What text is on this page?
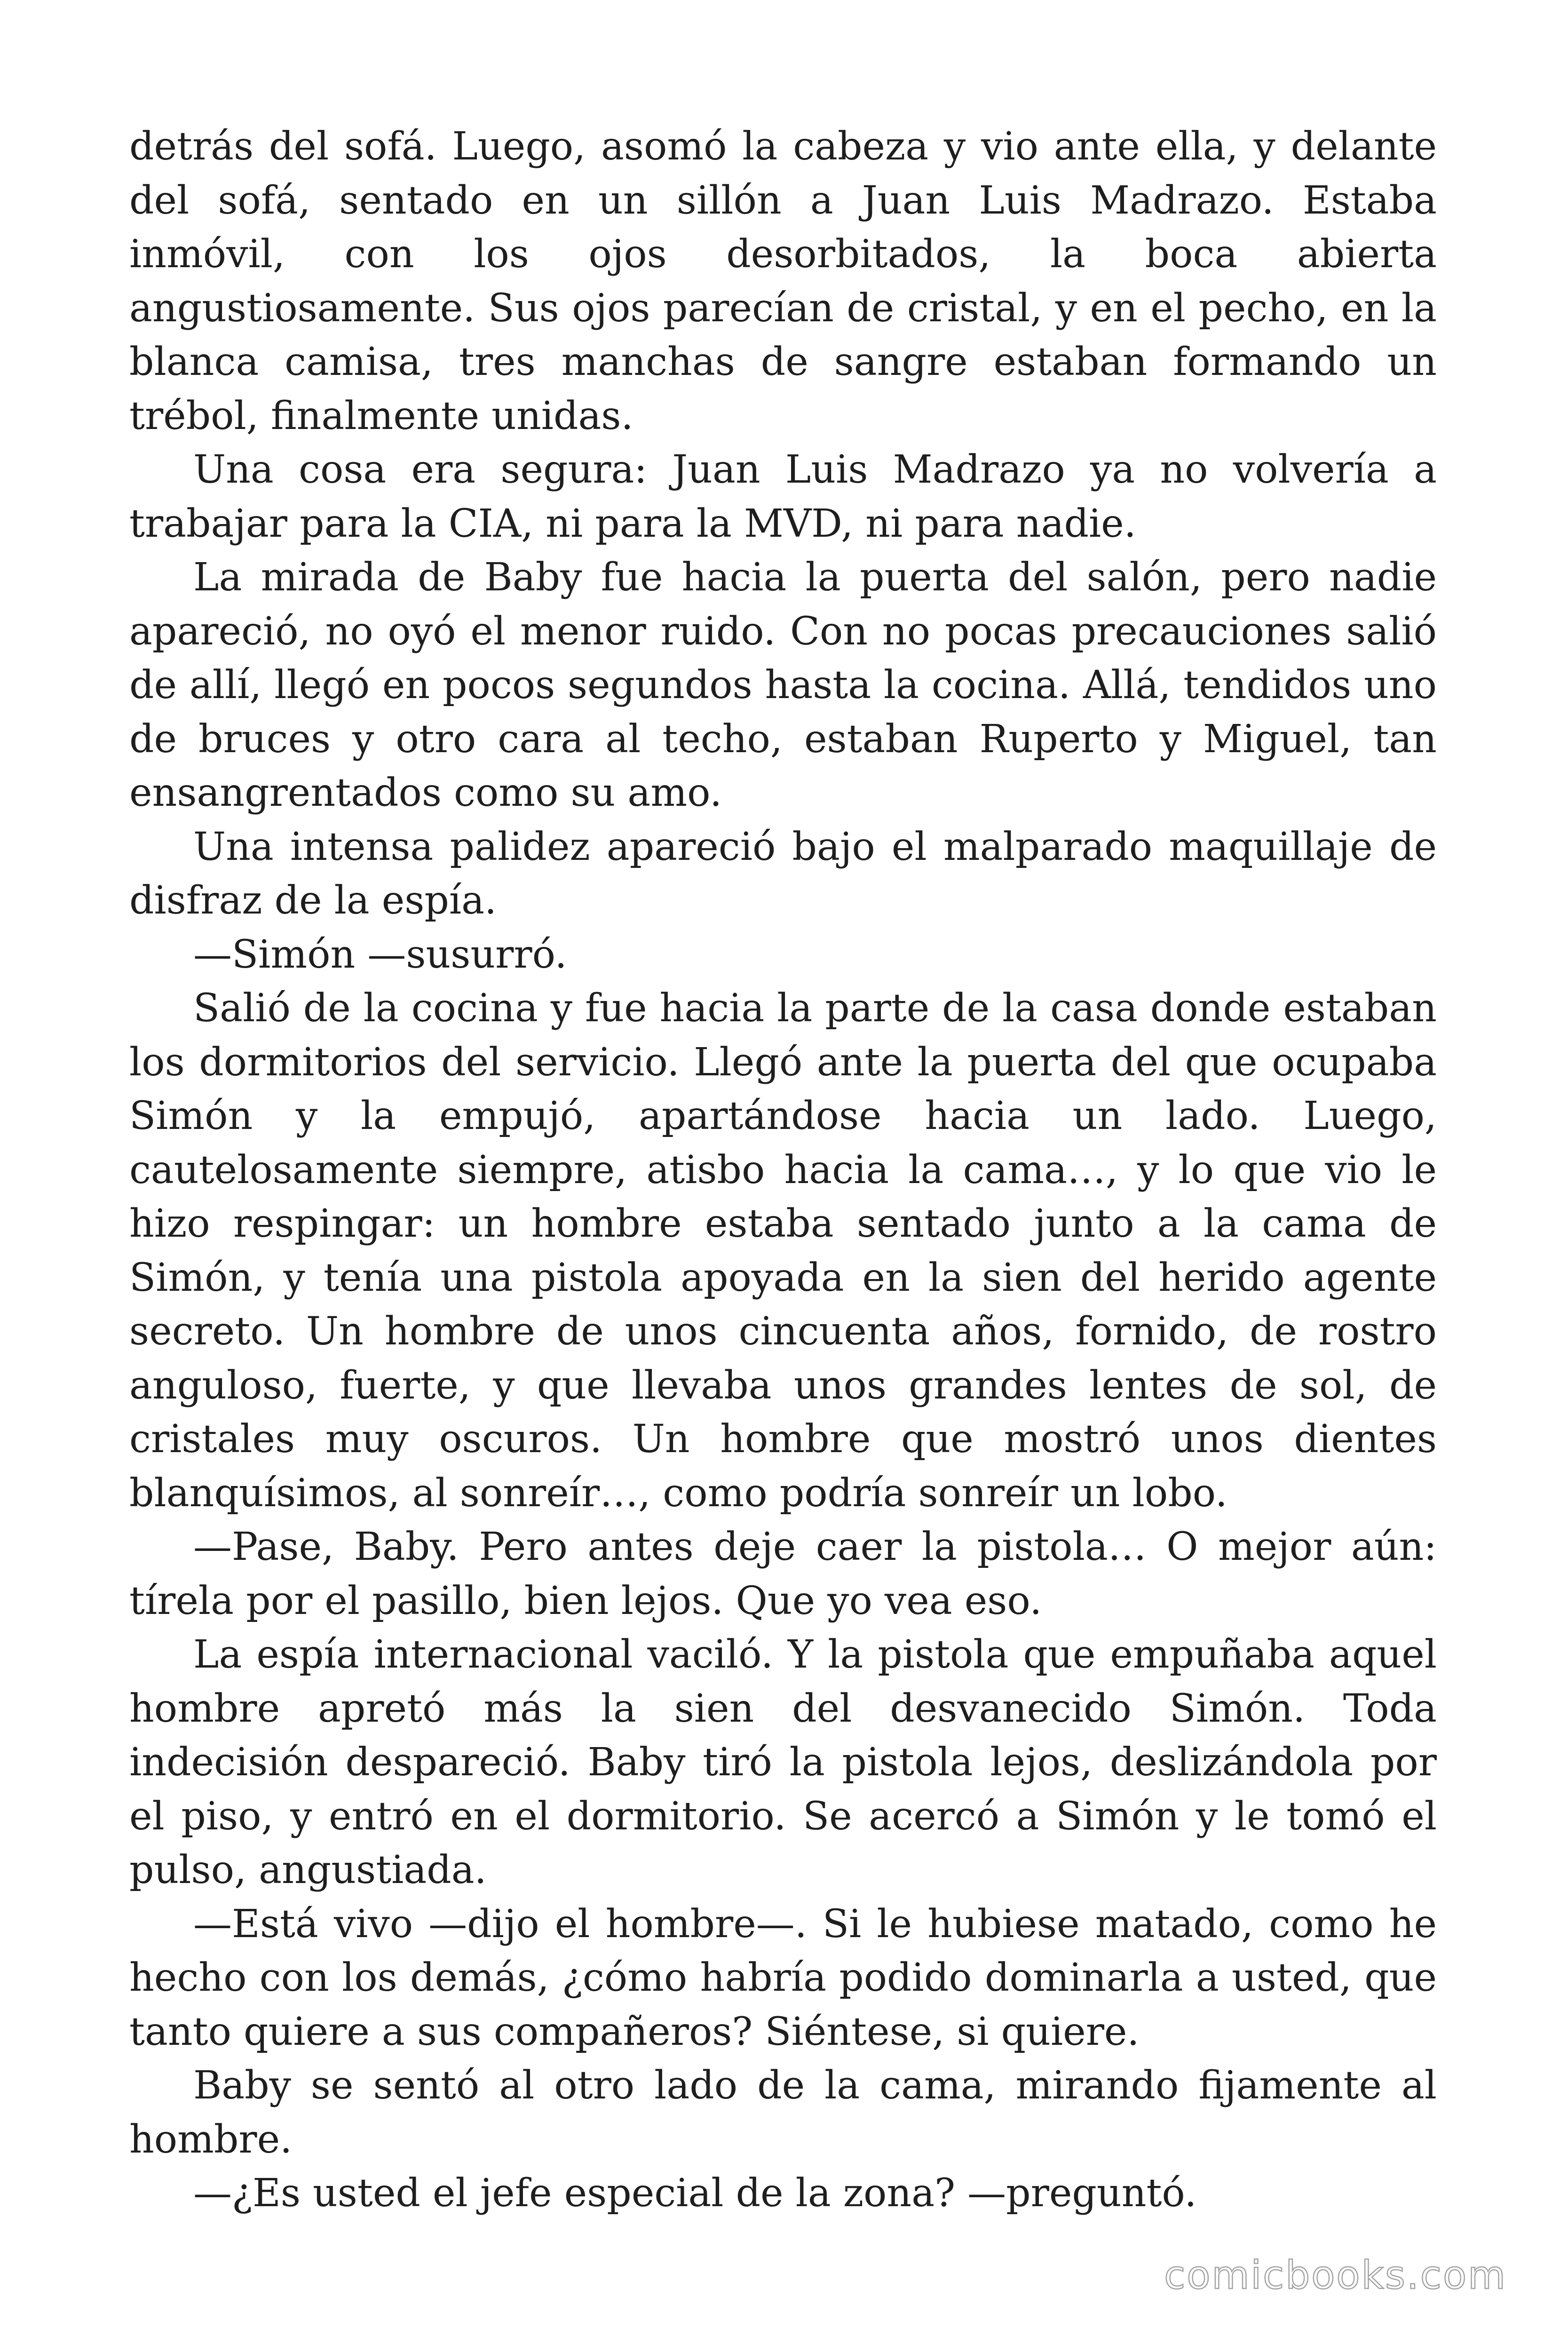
detrás del sofá. Luego, asomó la cabeza y vio ante ella, y delante del sofá, sentado en un sillón a Juan Luis Madrazo. Estaba inmóvil, con los ojos desorbitados, la boca abierta angustiosamente. Sus ojos parecían de cristal, y en el pecho, en la blanca camisa, tres manchas de sangre estaban formando un trébol, finalmente unidas.

Una cosa era segura: Juan Luis Madrazo ya no volvería a trabajar para la CIA, ni para la MVD, ni para nadie.

La mirada de Baby fue hacia la puerta del salón, pero nadie apareció, no oyó el menor ruido. Con no pocas precauciones salió de allí, llegó en pocos segundos hasta la cocina. Allá, tendidos uno de bruces y otro cara al techo, estaban Ruperto y Miguel, tan ensangrentados como su amo.

Una intensa palidez apareció bajo el malparado maquillaje de disfraz de la espía.

—Simón —susurró.

Salió de la cocina y fue hacia la parte de la casa donde estaban los dormitorios del servicio. Llegó ante la puerta del que ocupaba Simón y la empujó, apartándose hacia un lado. Luego, cautelosamente siempre, atisbo hacia la cama…, y lo que vio le hizo respingar: un hombre estaba sentado junto a la cama de Simón, y tenía una pistola apoyada en la sien del herido agente secreto. Un hombre de unos cincuenta años, fornido, de rostro anguloso, fuerte, y que llevaba unos grandes lentes de sol, de cristales muy oscuros. Un hombre que mostró unos dientes blanquísimos, al sonreír…, como podría sonreír un lobo.

—Pase, Baby. Pero antes deje caer la pistola… O mejor aún: tírela por el pasillo, bien lejos. Que yo vea eso.

La espía internacional vaciló. Y la pistola que empuñaba aquel hombre apretó más la sien del desvanecido Simón. Toda indecisión despareció. Baby tiró la pistola lejos, deslizándola por el piso, y entró en el dormitorio. Se acercó a Simón y le tomó el pulso, angustiada.

—Está vivo —dijo el hombre—. Si le hubiese matado, como he hecho con los demás, ¿cómo habría podido dominarla a usted, que tanto quiere a sus compañeros? Siéntese, si quiere.

Baby se sentó al otro lado de la cama, mirando fijamente al hombre.

—¿Es usted el jefe especial de la zona? —preguntó.

comicbooks.com
